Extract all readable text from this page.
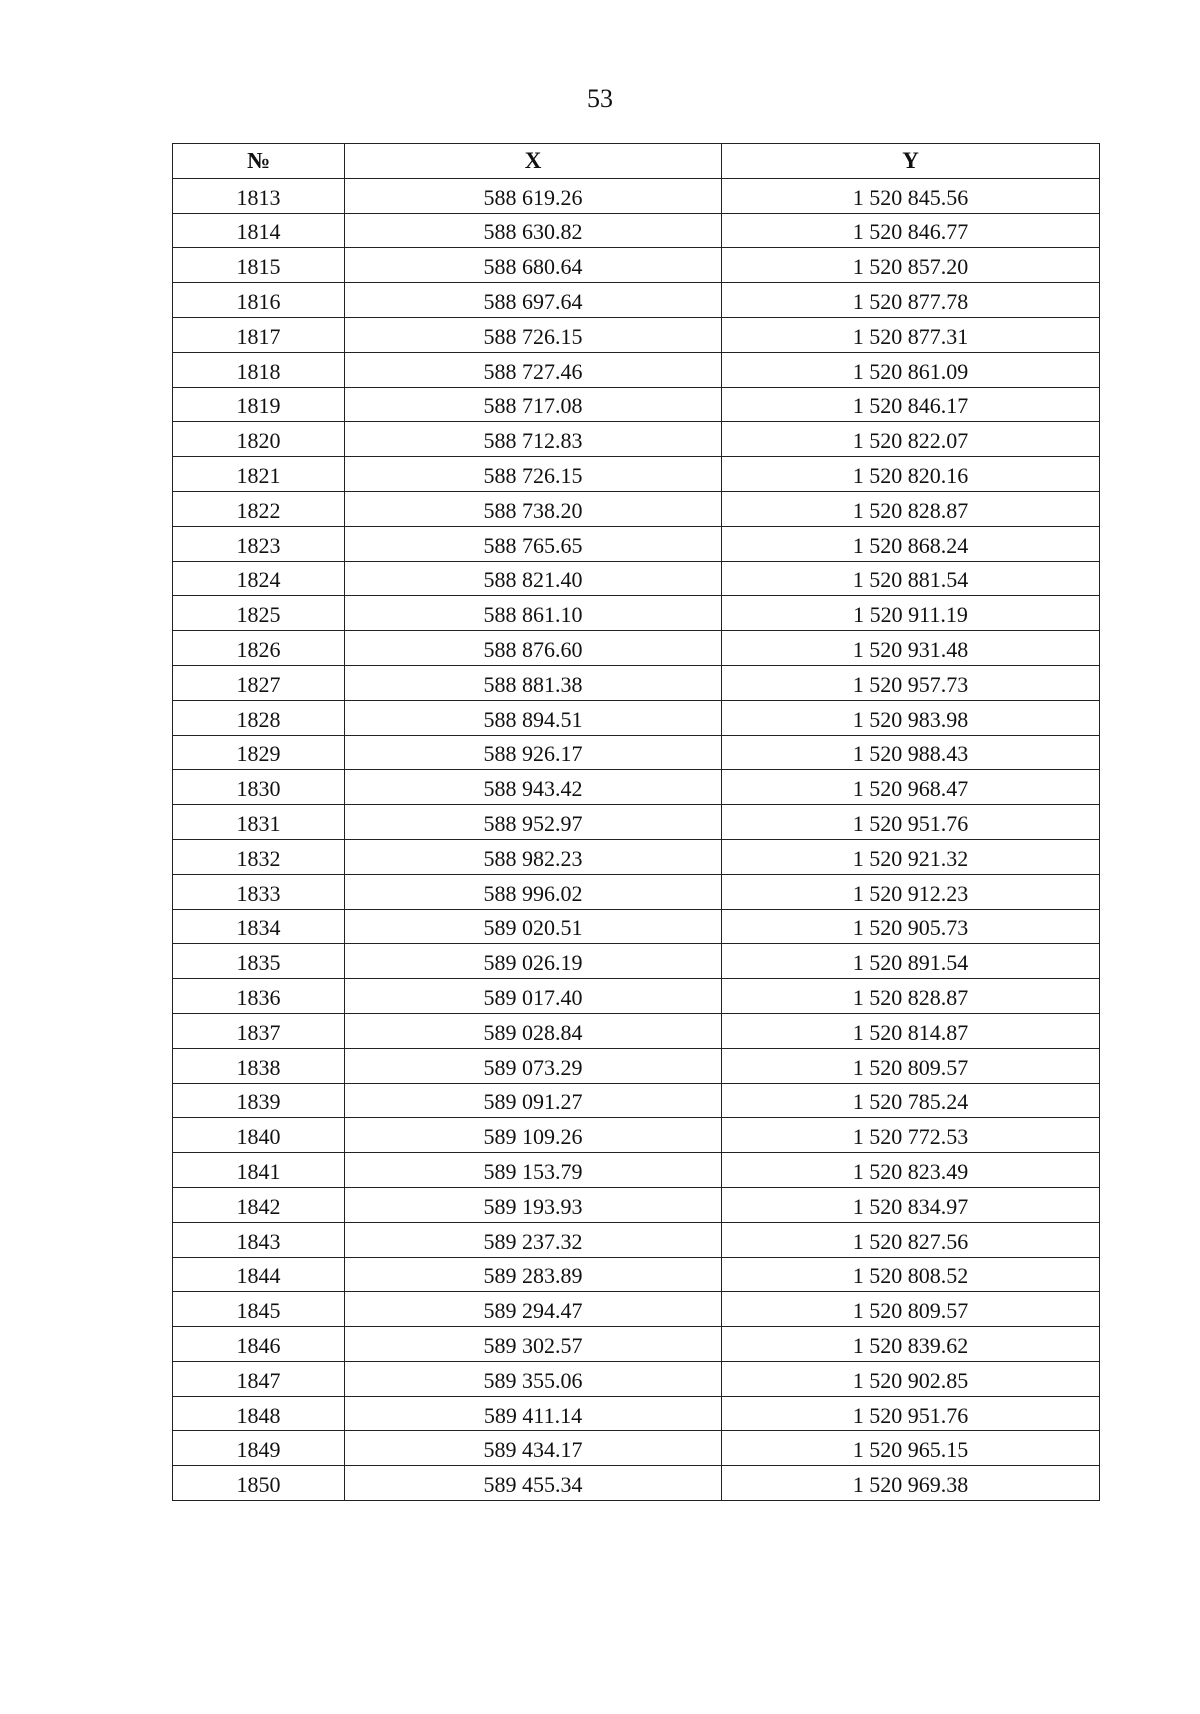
53
№	X	Y
1813	588 619.26	1 520 845.56
1814	588 630.82	1 520 846.77
1815	588 680.64	1 520 857.20
1816	588 697.64	1 520 877.78
1817	588 726.15	1 520 877.31
1818	588 727.46	1 520 861.09
1819	588 717.08	1 520 846.17
1820	588 712.83	1 520 822.07
1821	588 726.15	1 520 820.16
1822	588 738.20	1 520 828.87
1823	588 765.65	1 520 868.24
1824	588 821.40	1 520 881.54
1825	588 861.10	1 520 911.19
1826	588 876.60	1 520 931.48
1827	588 881.38	1 520 957.73
1828	588 894.51	1 520 983.98
1829	588 926.17	1 520 988.43
1830	588 943.42	1 520 968.47
1831	588 952.97	1 520 951.76
1832	588 982.23	1 520 921.32
1833	588 996.02	1 520 912.23
1834	589 020.51	1 520 905.73
1835	589 026.19	1 520 891.54
1836	589 017.40	1 520 828.87
1837	589 028.84	1 520 814.87
1838	589 073.29	1 520 809.57
1839	589 091.27	1 520 785.24
1840	589 109.26	1 520 772.53
1841	589 153.79	1 520 823.49
1842	589 193.93	1 520 834.97
1843	589 237.32	1 520 827.56
1844	589 283.89	1 520 808.52
1845	589 294.47	1 520 809.57
1846	589 302.57	1 520 839.62
1847	589 355.06	1 520 902.85
1848	589 411.14	1 520 951.76
1849	589 434.17	1 520 965.15
1850	589 455.34	1 520 969.38
